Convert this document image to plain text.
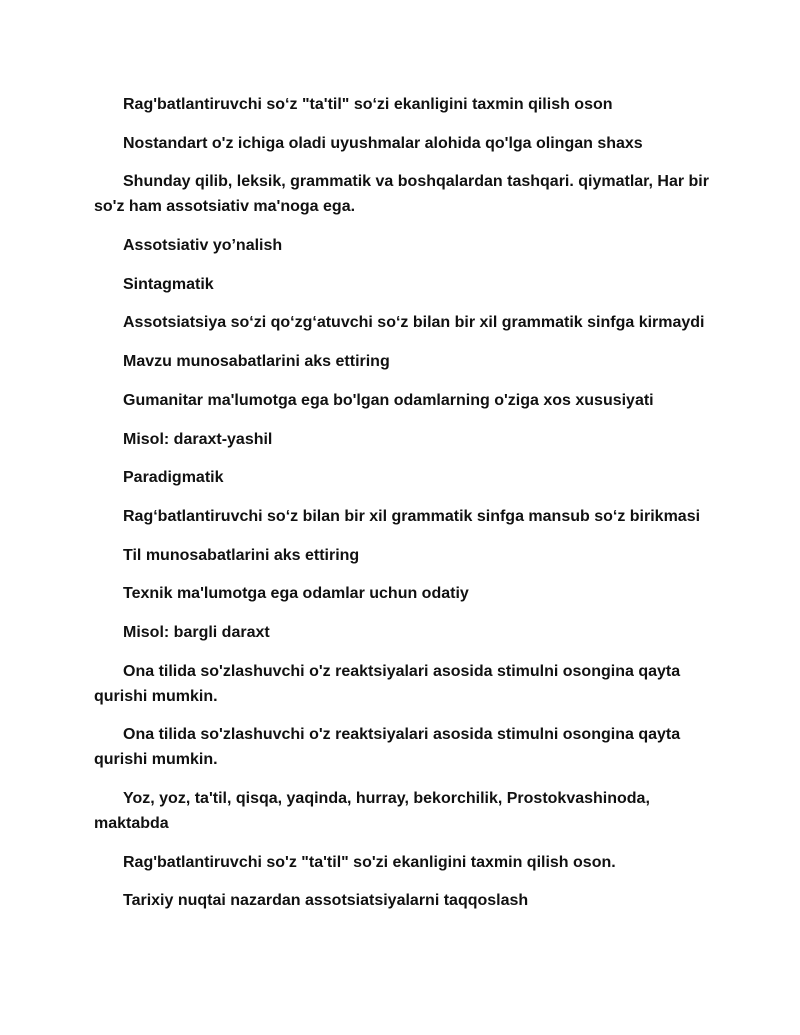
Rag'batlantiruvchi so‘z "ta'til" so‘zi ekanligini taxmin qilish oson

Nostandart o'z ichiga oladi uyushmalar alohida qo'lga olingan shaxs

Shunday qilib, leksik, grammatik va boshqalardan tashqari. qiymatlar, Har bir so'z ham assotsiativ ma'noga ega.

Assotsiativ yo’nalish

Sintagmatik

Assotsiatsiya so‘zi qo‘zg‘atuvchi so‘z bilan bir xil grammatik sinfga kirmaydi

Mavzu munosabatlarini aks ettiring

Gumanitar ma'lumotga ega bo'lgan odamlarning o'ziga xos xususiyati

Misol: daraxt-yashil

Paradigmatik

Rag‘batlantiruvchi so‘z bilan bir xil grammatik sinfga mansub so‘z birikmasi

Til munosabatlarini aks ettiring

Texnik ma'lumotga ega odamlar uchun odatiy

Misol: bargli daraxt

Ona tilida so'zlashuvchi o'z reaktsiyalari asosida stimulni osongina qayta qurishi mumkin.

Ona tilida so'zlashuvchi o'z reaktsiyalari asosida stimulni osongina qayta qurishi mumkin.

Yoz, yoz, ta'til, qisqa, yaqinda, hurray, bekorchilik, Prostokvashinoda, maktabda

Rag'batlantiruvchi so'z "ta'til" so'zi ekanligini taxmin qilish oson.

Tarixiy nuqtai nazardan assotsiatsiyalarni taqqoslash
